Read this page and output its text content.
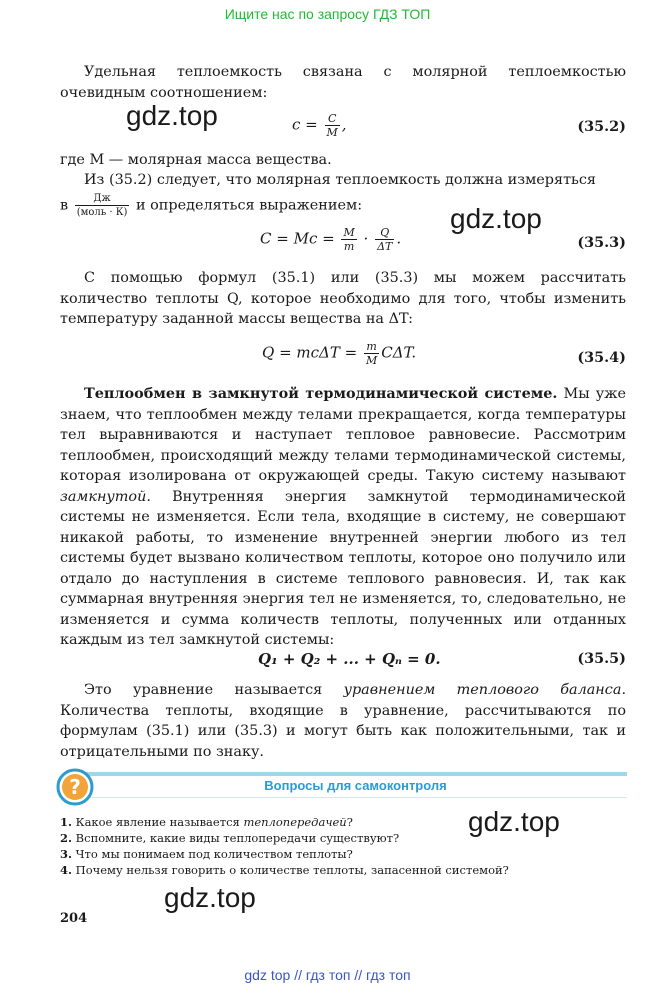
Ищите нас по запросу ГДЗ ТОП
Удельная теплоемкость связана с молярной теплоемкостью очевидным соотношением:
gdz.top	$c = \frac{C}{M}$ ,	(35.2)
где M — молярная масса вещества.
Из (35.2) следует, что молярная теплоемкость должна измеряться
в $\frac{Дж}{\text{(моль · К)}}$ и определяться выражением:	gdz.top
$C = Mc = \frac{M}{m} \cdot \frac{Q}{\Delta T}$ .	(35.3)
С помощью формул (35.1) или (35.3) мы можем рассчитать количество теплоты Q, которое необходимо для того, чтобы изменить температуру заданной массы вещества на ΔT:
$Q = mc\Delta T = \frac{m}{M} C\Delta T$.	(35.4)
Теплообмен в замкнутой термодинамической системе. Мы уже знаем, что теплообмен между телами прекращается, когда температуры тел выравниваются и наступает тепловое равновесие. Рассмотрим теплообмен, происходящий между телами термодинамической системы, которая изолирована от окружающей среды. Такую систему называют замкнутой. Внутренняя энергия замкнутой термодинамической системы не изменяется. Если тела, входящие в систему, не совершают никакой работы, то изменение внутренней энергии любого из тел системы будет вызвано количеством теплоты, которое оно получило или отдало до наступления в системе теплового равновесия. И, так как суммарная внутренняя энергия тел не изменяется, то, следовательно, не изменяется и сумма количеств теплоты, полученных или отданных каждым из тел замкнутой системы:
Q₁ + Q₂ + ... + Qₙ = 0.	(35.5)
Это уравнение называется уравнением теплового баланса. Количества теплоты, входящие в уравнение, рассчитываются по формулам (35.1) или (35.3) и могут быть как положительными, так и отрицательными по знаку.
Вопросы для самоконтроля
?
gdz.top
1. Какое явление называется теплопередачей?
2. Вспомните, какие виды теплопередачи существуют?
3. Что мы понимаем под количеством теплоты?
4. Почему нельзя говорить о количестве теплоты, запасенной системой?
gdz.top
204
gdz top // гдз топ // гдз топ
